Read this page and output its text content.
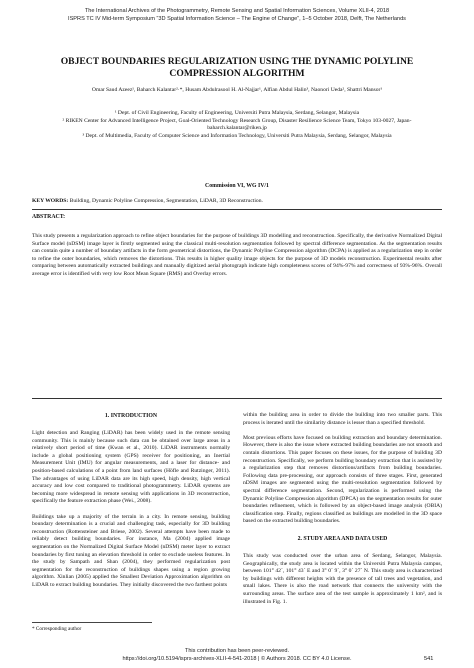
The International Archives of the Photogrammetry, Remote Sensing and Spatial Information Sciences, Volume XLII-4, 2018
ISPRS TC IV Mid-term Symposium “3D Spatial Information Science – The Engine of Change”, 1–5 October 2018, Delft, The Netherlands
OBJECT BOUNDARIES REGULARIZATION USING THE DYNAMIC POLYLINE COMPRESSION ALGORITHM
Omar Saud Azeez¹, Baharch Kalantar²·*, Husam Abdulrasool H. Al-Najjar¹, Alfian Abdul Halin³, Naonori Ueda², Shattri Mansor¹

¹ Dept. of Civil Engineering, Faculty of Engineering, Universiti Putra Malaysia, Serdang, Selangor, Malaysia

² RIKEN Center for Advanced Intelligence Project, Goal-Oriented Technology Research Group, Disaster Resilience Science Team, Tokyo 103-0027, Japan- baharch.kalantar@riken.jp

³ Dept. of Multimedia, Faculty of Computer Science and Information Technology, Universiti Putra Malaysia, Serdang, Selangor, Malaysia

Commission VI, WG IV/1
KEY WORDS: Building, Dynamic Polyline Compression, Segmentation, LiDAR, 3D Reconstruction.
ABSTRACT:

This study presents a regularization approach to refine object boundaries for the purpose of buildings 3D modelling and reconstruction. Specifically, the derivative Normalized Digital Surface model (nDSM) image layer is firstly segmented using the classical multi-resolution segmentation followed by spectral difference segmentation. As the segmentation results can contain quite a number of boundary artifacts in the form geometrical distortions, the Dynamic Polyline Compression algorithm (DCPA) is applied as a regularization step in order to refine the outer boundaries, which removes the distortions. This results in higher quality image objects for the purpose of 3D models reconstruction. Experimental results after comparing between automatically extracted buildings and manually digitized aerial photograph indicate high completeness scores of 94%-97% and correctness of 93%-96%. Overall average error is identified with very low Root Mean Square (RMS) and Overlay errors.

1. INTRODUCTION

Light detection and Ranging (LiDAR) has been widely used in the remote sensing community. This is mainly because such data can be obtained over large areas in a relatively short period of time (Kwan et al., 2010). LiDAR instruments normally include a global positioning system (GPS) receiver for positioning, an Inertial Measurement Unit (IMU) for angular measurements, and a laser for distance- and position-based calculations of a point from land surfaces (Höfle and Rutzinger, 2011). The advantages of using LiDAR data are its high speed, high density, high vertical accuracy and low cost compared to traditional photogrammetry. LiDAR systems are becoming more widespread in remote sensing with applications in 3D reconstruction, specifically the feature extraction phase (Wei., 2008).

Buildings take up a majority of the terrain in a city. In remote sensing, building boundary determination is a crucial and challenging task, especially for 3D building reconstruction (Rottensteiner and Briese, 2002). Several attempts have been made to reliably detect building boundaries. For instance, Ma (2004) applied image segmentation on the Normalized Digital Surface Model (nDSM) meter layer to extract boundaries by first tuning an elevation threshold in order to exclude useless features. In the study by Sampath and Shan (2004), they performed regularization post segmentation for the reconstruction of buildings shapes using a region growing algorithm. Xinlian (2005) applied the Smallest Deviation Approximation algorithm on LiDAR to extract building boundaries. They initially discovered the two farthest points

within the building area in order to divide the building into two smaller parts. This process is iterated until the similarity distance is lesser than a specified threshold.

Most previous efforts have focused on building extraction and boundary determination. However, there is also the issue where extracted building boundaries are not smooth and contain distortions. This paper focuses on these issues, for the purpose of building 3D reconstruction. Specifically, we perform building boundary extraction that is assisted by a regularization step that removes distortions/artifacts from building boundaries. Following data pre-processing, our approach consists of three stages. First, generated nDSM images are segmented using the multi-resolution segmentation followed by spectral difference segmentation. Second, regularization is performed using the Dynamic Polyline Compression algorithm (DPCA) on the segmentation results for outer boundaries refinement, which is followed by an object-based image analysis (OBIA) classification step. Finally, regions classified as buildings are modelled in the 3D space based on the extracted building boundaries.

2. STUDY AREA AND DATA USED

This study was conducted over the urban area of Serdang, Selangor, Malaysia. Geographically, the study area is located within the Universiti Putra Malaysia campus, between 101° 42´, 101° 43´ E and 3° 0´ 9´, 3° 0´ 27´ N. This study area is characterized by buildings with different heights with the presence of tall trees and vegetation, and small lakes. There is also the road network that connects the university with the surrounding areas. The surface area of the test sample is approximately 1 km², and is illustrated in Fig. 1.

* Corresponding author
This contribution has been peer-reviewed.
https://doi.org/10.5194/isprs-archives-XLII-4-541-2018 | © Authors 2018. CC BY 4.0 License.	541
